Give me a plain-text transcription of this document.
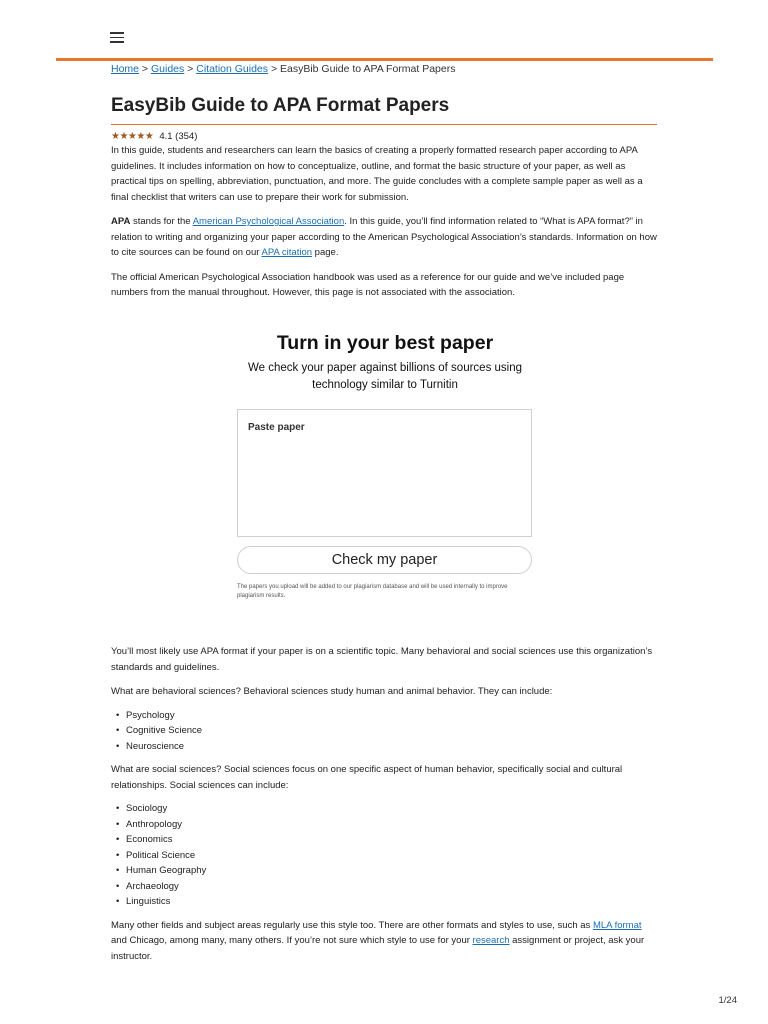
Home > Guides > Citation Guides > EasyBib Guide to APA Format Papers
EasyBib Guide to APA Format Papers
★★★★★ 4.1 (354)

In this guide, students and researchers can learn the basics of creating a properly formatted research paper according to APA guidelines. It includes information on how to conceptualize, outline, and format the basic structure of your paper, as well as practical tips on spelling, abbreviation, punctuation, and more. The guide concludes with a complete sample paper as well as a final checklist that writers can use to prepare their work for submission.

APA stands for the American Psychological Association. In this guide, you’ll find information related to “What is APA format?” in relation to writing and organizing your paper according to the American Psychological Association’s standards. Information on how to cite sources can be found on our APA citation page.

The official American Psychological Association handbook was used as a reference for our guide and we’ve included page numbers from the manual throughout. However, this page is not associated with the association.

Turn in your best paper
We check your paper against billions of sources using technology similar to Turnitin
Paste paper
Check my paper
The papers you upload will be added to our plagiarism database and will be used internally to improve plagiarism results.

You’ll most likely use APA format if your paper is on a scientific topic. Many behavioral and social sciences use this organization’s standards and guidelines.

What are behavioral sciences? Behavioral sciences study human and animal behavior. They can include:

• Psychology
• Cognitive Science
• Neuroscience

What are social sciences? Social sciences focus on one specific aspect of human behavior, specifically social and cultural relationships. Social sciences can include:

• Sociology
• Anthropology
• Economics
• Political Science
• Human Geography
• Archaeology
• Linguistics

Many other fields and subject areas regularly use this style too. There are other formats and styles to use, such as MLA format and Chicago, among many, many others. If you’re not sure which style to use for your research assignment or project, ask your instructor.

1/24
